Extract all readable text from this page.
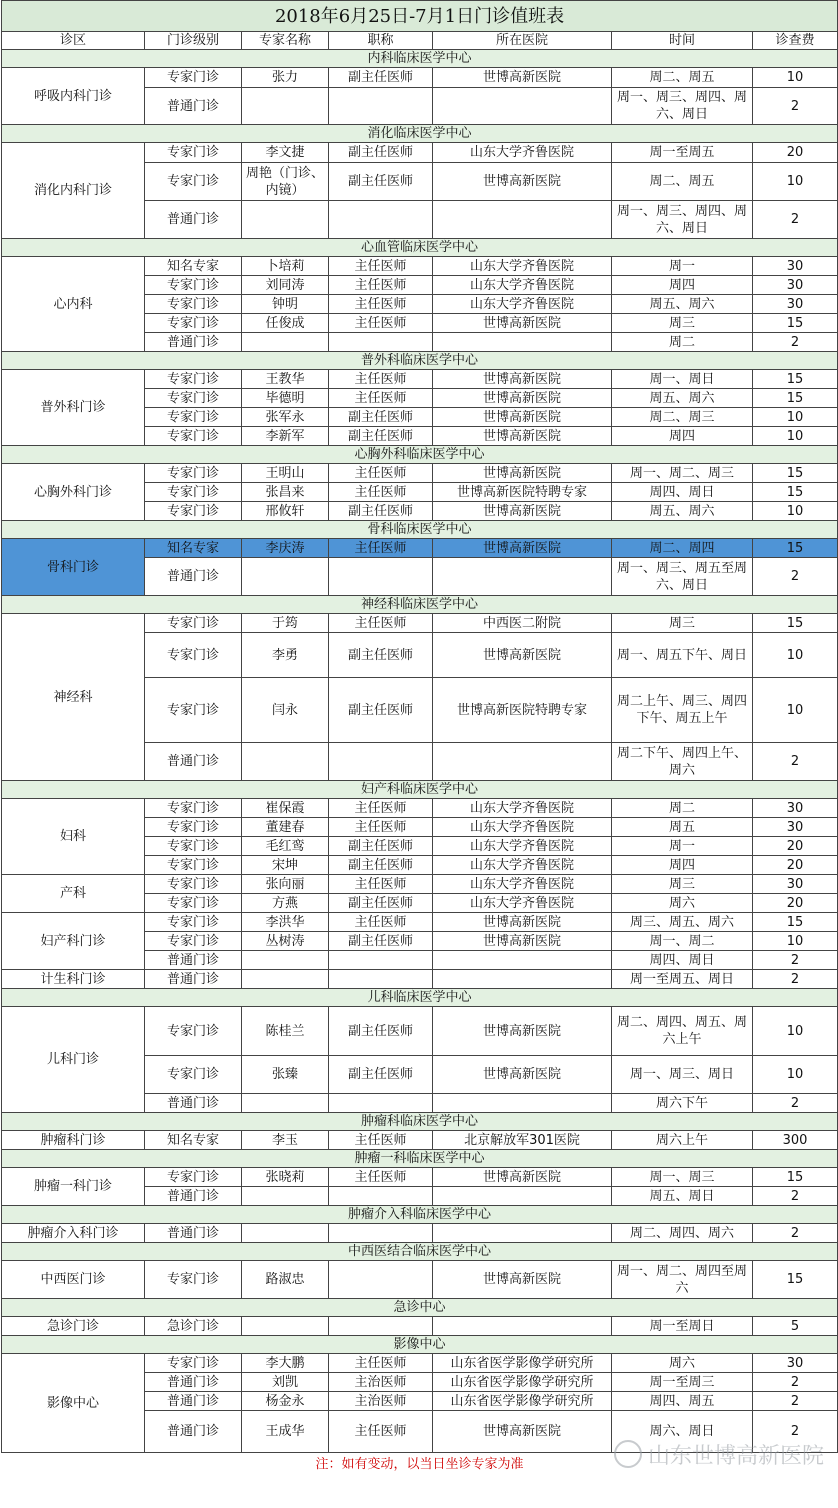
2018年6月25日-7月1日门诊值班表						
诊区	门诊级别	专家名称	职称	所在医院	时间	诊查费
内科临床医学中心						
呼吸内科门诊	专家门诊	张力	副主任医师	世博高新医院	周二、周五	10
	普通门诊				周一、周三、周四、周六、周日	2
消化临床医学中心						
消化内科门诊	专家门诊	李文捷	副主任医师	山东大学齐鲁医院	周一至周五	20
	专家门诊	周艳（门诊、内镜）	副主任医师	世博高新医院	周二、周五	10
	普通门诊				周一、周三、周四、周六、周日	2
心血管临床医学中心						
心内科	知名专家	卜培莉	主任医师	山东大学齐鲁医院	周一	30
	专家门诊	刘同涛	主任医师	山东大学齐鲁医院	周四	30
	专家门诊	钟明	主任医师	山东大学齐鲁医院	周五、周六	30
	专家门诊	任俊成	主任医师	世博高新医院	周三	15
	普通门诊				周二	2
普外科临床医学中心						
普外科门诊	专家门诊	王教华	主任医师	世博高新医院	周一、周日	15
	专家门诊	毕德明	主任医师	世博高新医院	周五、周六	15
	专家门诊	张军永	副主任医师	世博高新医院	周二、周三	10
	专家门诊	李新军	副主任医师	世博高新医院	周四	10
心胸外科临床医学中心						
心胸外科门诊	专家门诊	王明山	主任医师	世博高新医院	周一、周二、周三	15
	专家门诊	张昌来	主任医师	世博高新医院特聘专家	周四、周日	15
	专家门诊	邢攸轩	副主任医师	世博高新医院	周五、周六	10
骨科临床医学中心						
骨科门诊	知名专家	李庆涛	主任医师	世博高新医院	周二、周四	15
	普通门诊				周一、周三、周五至周六、周日	2
神经科临床医学中心						
神经科	专家门诊	于筠	主任医师	中西医二附院	周三	15
	专家门诊	李勇	副主任医师	世博高新医院	周一、周五下午、周日	10
	专家门诊	闫永	副主任医师	世博高新医院特聘专家	周二上午、周三、周四下午、周五上午	10
	普通门诊				周二下午、周四上午、周六	2
妇产科临床医学中心						
妇科	专家门诊	崔保霞	主任医师	山东大学齐鲁医院	周二	30
	专家门诊	董建春	主任医师	山东大学齐鲁医院	周五	30
	专家门诊	毛红鸾	副主任医师	山东大学齐鲁医院	周一	20
	专家门诊	宋坤	副主任医师	山东大学齐鲁医院	周四	20
产科	专家门诊	张向丽	主任医师	山东大学齐鲁医院	周三	30
	专家门诊	方燕	副主任医师	山东大学齐鲁医院	周六	20
妇产科门诊	专家门诊	李洪华	主任医师	世博高新医院	周三、周五、周六	15
	专家门诊	丛树涛	副主任医师	世博高新医院	周一、周二	10
	普通门诊				周四、周日	2
计生科门诊	普通门诊				周一至周五、周日	2
儿科临床医学中心						
儿科门诊	专家门诊	陈桂兰	副主任医师	世博高新医院	周二、周四、周五、周六上午	10
	专家门诊	张臻	副主任医师	世博高新医院	周一、周三、周日	10
	普通门诊				周六下午	2
肿瘤科临床医学中心						
肿瘤科门诊	知名专家	李玉	主任医师	北京解放军301医院	周六上午	300
肿瘤一科临床医学中心						
肿瘤一科门诊	专家门诊	张晓莉	主任医师	世博高新医院	周一、周三	15
	普通门诊				周五、周日	2
肿瘤介入科临床医学中心						
肿瘤介入科门诊	普通门诊				周二、周四、周六	2
中西医结合临床医学中心						
中西医门诊	专家门诊	路淑忠		世博高新医院	周一、周二、周四至周六	15
急诊中心						
急诊门诊	急诊门诊				周一至周日	5
影像中心						
影像中心	专家门诊	李大鹏	主任医师	山东省医学影像学研究所	周六	30
	普通门诊	刘凯	主治医师	山东省医学影像学研究所	周一至周三	2
	普通门诊	杨金永	主治医师	山东省医学影像学研究所	周四、周五	2
	普通门诊	王成华	主任医师	世博高新医院	周六、周日	2
注：如有变动，以当日坐诊专家为准							山东世博高新医院
